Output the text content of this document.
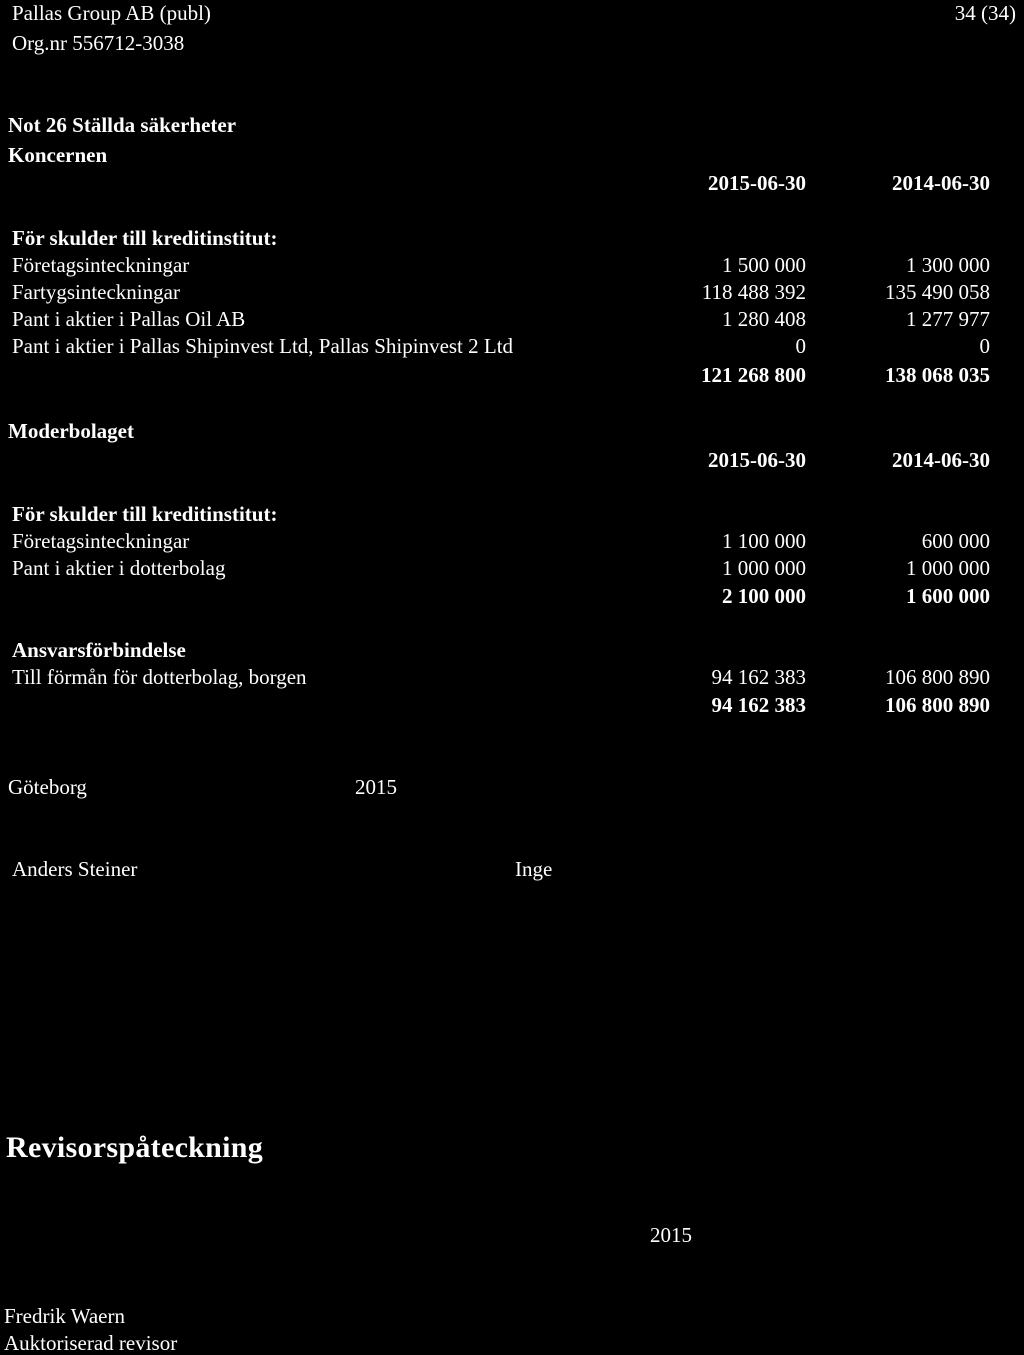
Pallas Group AB (publ)
Org.nr 556712-3038
34 (34)
Not 26 Ställda säkerheter
Koncernen
2015-06-30	2014-06-30
För skulder till kreditinstitut:
Företagsinteckningar	1 500 000	1 300 000
Fartygsinteckningar	118 488 392	135 490 058
Pant i aktier i Pallas Oil AB	1 280 408	1 277 977
Pant i aktier i Pallas Shipinvest Ltd, Pallas Shipinvest 2 Ltd	0	0
121 268 800	138 068 035
Moderbolaget
2015-06-30	2014-06-30
För skulder till kreditinstitut:
Företagsinteckningar	1 100 000	600 000
Pant i aktier i dotterbolag	1 000 000	1 000 000
2 100 000	1 600 000
Ansvarsförbindelse
Till förmån för dotterbolag, borgen	94 162 383	106 800 890
94 162 383	106 800 890
Göteborg	2015
Anders Steiner	Inge
Revisorspåteckning
2015
Fredrik Waern
Auktoriserad revisor
